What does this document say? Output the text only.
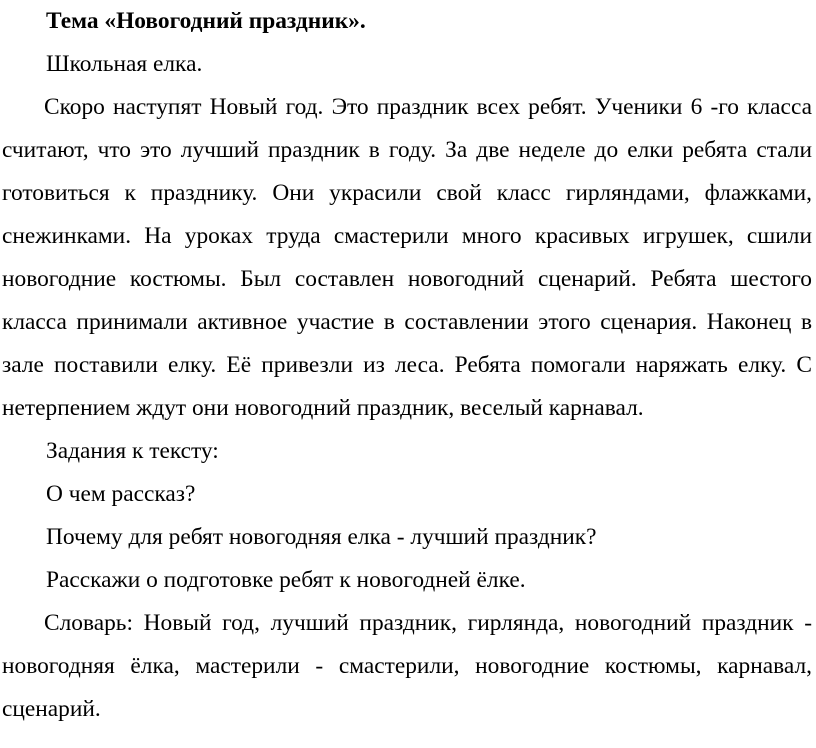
Тема «Новогодний праздник».
Школьная елка.

Скоро наступят Новый год. Это праздник всех ребят. Ученики 6 -го класса считают, что это лучший праздник в году. За две неделе до елки ребята стали готовиться к празднику. Они украсили свой класс гирляндами, флажками, снежинками. На уроках труда смастерили много красивых игрушек, сшили новогодние костюмы. Был составлен новогодний сценарий. Ребята шестого класса принимали активное участие в составлении этого сценария. Наконец в зале поставили елку. Её привезли из леса. Ребята помогали наряжать елку. С нетерпением ждут они новогодний праздник, веселый карнавал.

Задания к тексту:
О чем рассказ?
Почему для ребят новогодняя елка - лучший праздник?
Расскажи о подготовке ребят к новогодней ёлке.

Словарь: Новый год, лучший праздник, гирлянда, новогодний праздник - новогодняя ёлка, мастерили - смастерили, новогодние костюмы, карнавал, сценарий.
